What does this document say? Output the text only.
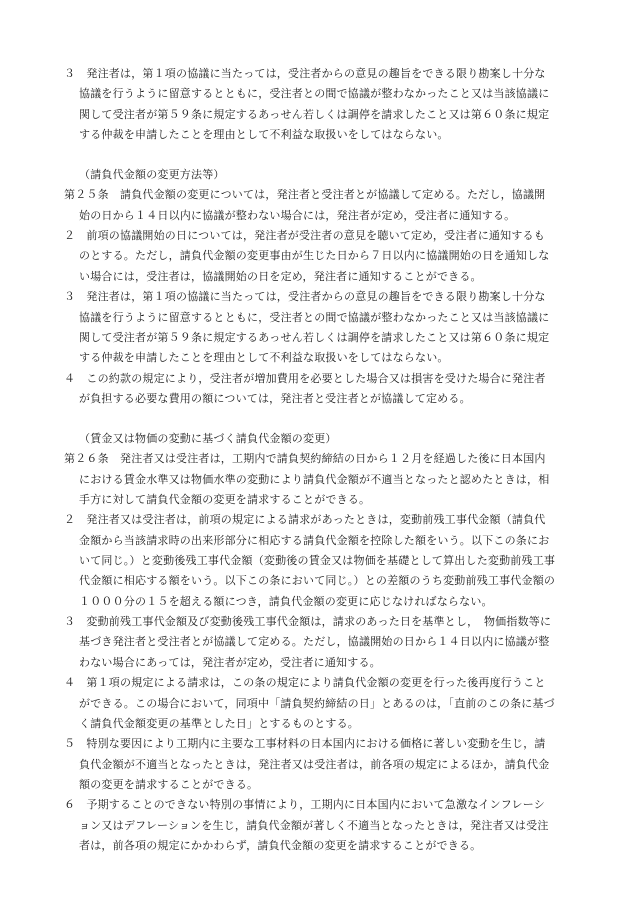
３　発注者は，第１項の協議に当たっては，受注者からの意見の趣旨をできる限り勘案し十分な
協議を行うように留意するとともに，受注者との間で協議が整わなかったこと又は当該協議に
関して受注者が第５９条に規定するあっせん若しくは調停を請求したこと又は第６０条に規定
する仲裁を申請したことを理由として不利益な取扱いをしてはならない。
（請負代金額の変更方法等）
第２５条　請負代金額の変更については，発注者と受注者とが協議して定める。ただし，協議開
始の日から１４日以内に協議が整わない場合には，発注者が定め，受注者に通知する。
２　前項の協議開始の日については，発注者が受注者の意見を聴いて定め，受注者に通知するも
のとする。ただし，請負代金額の変更事由が生じた日から７日以内に協議開始の日を通知しな
い場合には，受注者は，協議開始の日を定め，発注者に通知することができる。
３　発注者は，第１項の協議に当たっては，受注者からの意見の趣旨をできる限り勘案し十分な
協議を行うように留意するとともに，受注者との間で協議が整わなかったこと又は当該協議に
関して受注者が第５９条に規定するあっせん若しくは調停を請求したこと又は第６０条に規定
する仲裁を申請したことを理由として不利益な取扱いをしてはならない。
４　この約款の規定により，受注者が増加費用を必要とした場合又は損害を受けた場合に発注者
が負担する必要な費用の額については，発注者と受注者とが協議して定める。
（賃金又は物価の変動に基づく請負代金額の変更）
第２６条　発注者又は受注者は，工期内で請負契約締結の日から１２月を経過した後に日本国内
における賃金水準又は物価水準の変動により請負代金額が不適当となったと認めたときは，相
手方に対して請負代金額の変更を請求することができる。
２　発注者又は受注者は，前項の規定による請求があったときは，変動前残工事代金額（請負代
金額から当該請求時の出来形部分に相応する請負代金額を控除した額をいう。以下この条にお
いて同じ。）と変動後残工事代金額（変動後の賃金又は物価を基礎として算出した変動前残工事
代金額に相応する額をいう。以下この条において同じ。）との差額のうち変動前残工事代金額の
１０００分の１５を超える額につき，請負代金額の変更に応じなければならない。
３　変動前残工事代金額及び変動後残工事代金額は，請求のあった日を基準とし，　物価指数等に
基づき発注者と受注者とが協議して定める。ただし，協議開始の日から１４日以内に協議が整
わない場合にあっては，発注者が定め，受注者に通知する。
４　第１項の規定による請求は，この条の規定により請負代金額の変更を行った後再度行うこと
ができる。この場合において，同項中「請負契約締結の日」とあるのは，「直前のこの条に基づ
く請負代金額変更の基準とした日」とするものとする。
５　特別な要因により工期内に主要な工事材料の日本国内における価格に著しい変動を生じ，請
負代金額が不適当となったときは，発注者又は受注者は，前各項の規定によるほか，請負代金
額の変更を請求することができる。
６　予期することのできない特別の事情により，工期内に日本国内において急激なインフレーシ
ョン又はデフレーションを生じ，請負代金額が著しく不適当となったときは，発注者又は受注
者は，前各項の規定にかかわらず，請負代金額の変更を請求することができる。
